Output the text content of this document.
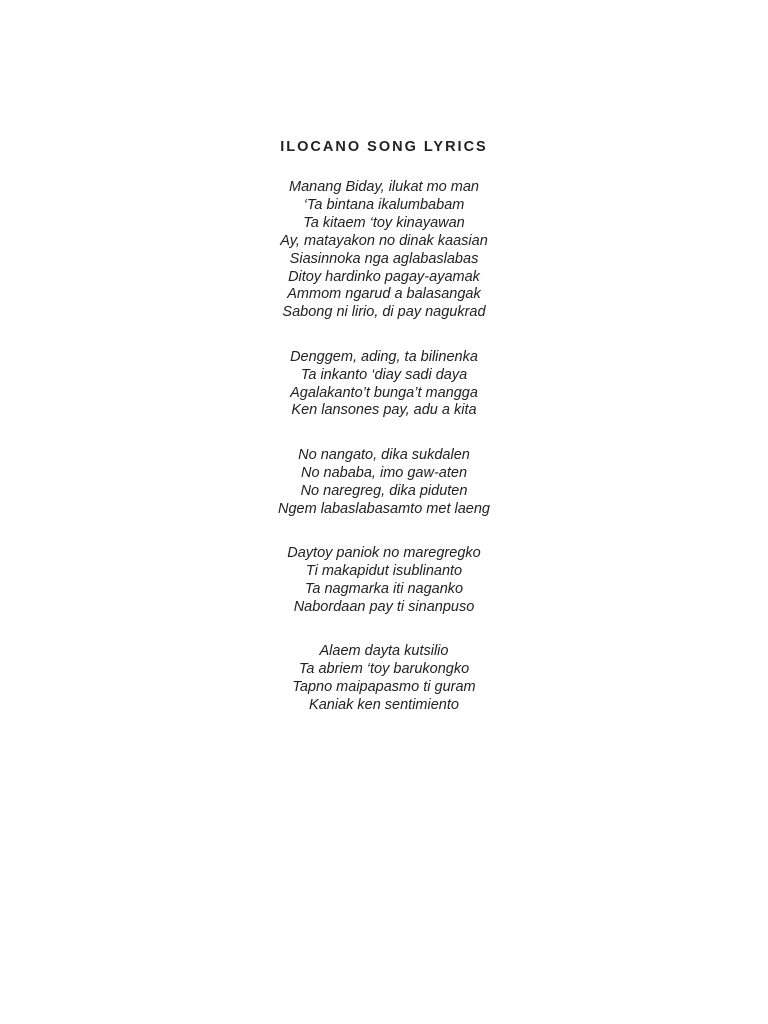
ILOCANO SONG LYRICS
Manang Biday, ilukat mo man
‘Ta bintana ikalumbabam
Ta kitaem ‘toy kinayawan
Ay, matayakon no dinak kaasian
Siasinnoka nga aglabaslabas
Ditoy hardinko pagay-ayamak
Ammom ngarud a balasangak
Sabong ni lirio, di pay nagukrad
Denggem, ading, ta bilinenka
Ta inkanto ‘diay sadi daya
Agalakanto’t bunga’t mangga
Ken lansones pay, adu a kita
No nangato, dika sukdalen
No nababa, imo gaw-aten
No naregreg, dika piduten
Ngem labaslabasamto met laeng
Daytoy paniok no maregregko
Ti makapidut isublinanto
Ta nagmarka iti naganko
Nabordaan pay ti sinanpuso
Alaem dayta kutsilio
Ta abriem ‘toy barukongko
Tapno maipapasmo ti guram
Kaniak ken sentimiento
